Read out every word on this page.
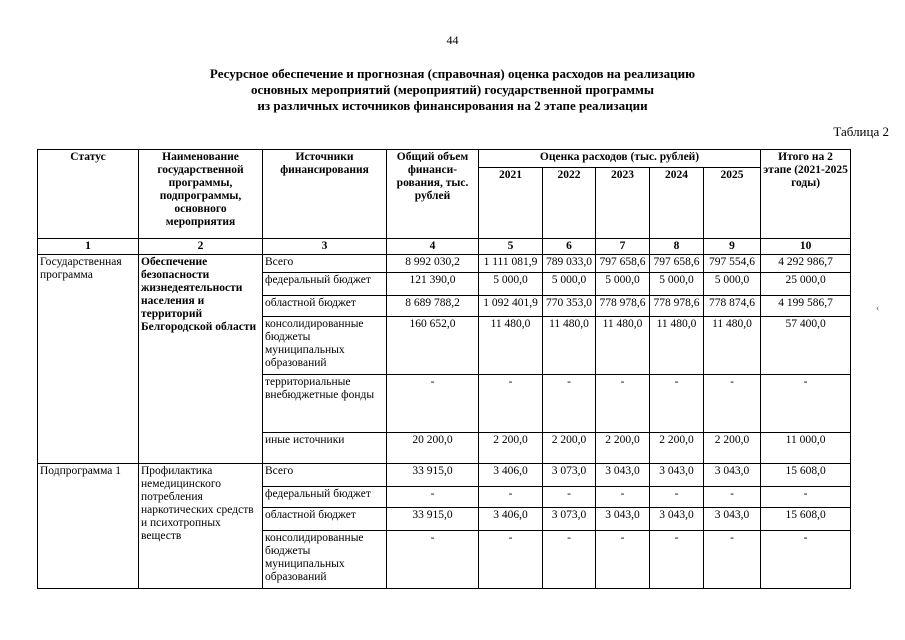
44
Ресурсное обеспечение и прогнозная (справочная) оценка расходов на реализацию
основных мероприятий (мероприятий) государственной программы
из различных источников финансирования на 2 этапе реализации
Таблица 2
Статус	Наименование государственной программы, подпрограммы, основного мероприятия	Источники финансирования	Общий объем финанси-рования, тыс. рублей	Оценка расходов (тыс. рублей)					Итого на 2 этапе (2021-2025 годы)
				2021	2022	2023	2024	2025	
1	2	3	4	5	6	7	8	9	10
Государственная программа	Обеспечение безопасности жизнедеятельности населения и территорий Белгородской области	Всего	8 992 030,2	1 111 081,9	789 033,0	797 658,6	797 658,6	797 554,6	4 292 986,7
		федеральный бюджет	121 390,0	5 000,0	5 000,0	5 000,0	5 000,0	5 000,0	25 000,0
		областной бюджет	8 689 788,2	1 092 401,9	770 353,0	778 978,6	778 978,6	778 874,6	4 199 586,7
		консолидированные бюджеты муниципальных образований	160 652,0	11 480,0	11 480,0	11 480,0	11 480,0	11 480,0	57 400,0
		территориальные внебюджетные фонды	-	-	-	-	-	-	-
		иные источники	20 200,0	2 200,0	2 200,0	2 200,0	2 200,0	2 200,0	11 000,0
Подпрограмма 1	Профилактика немедицинского потребления наркотических средств и психотропных веществ	Всего	33 915,0	3 406,0	3 073,0	3 043,0	3 043,0	3 043,0	15 608,0
		федеральный бюджет	-	-	-	-	-	-	-
		областной бюджет	33 915,0	3 406,0	3 073,0	3 043,0	3 043,0	3 043,0	15 608,0
		консолидированные бюджеты муниципальных образований	-	-	-	-	-	-	-
‹
